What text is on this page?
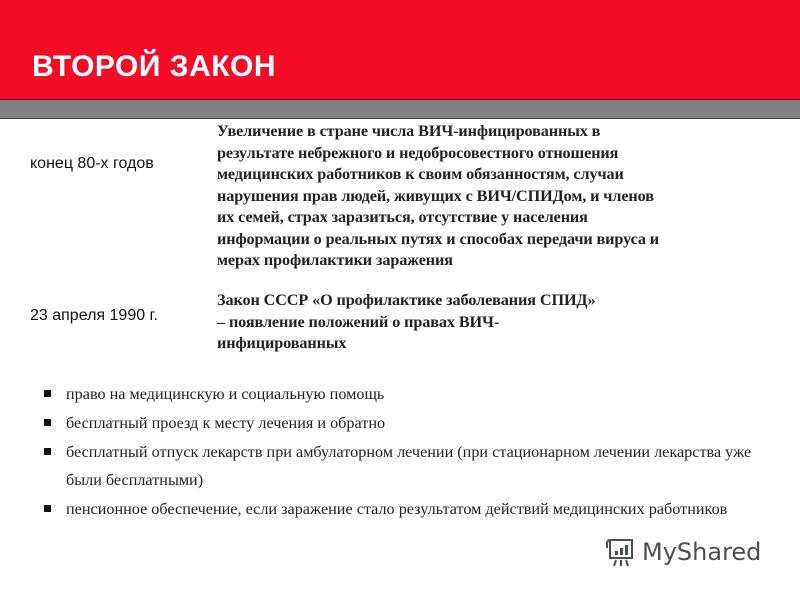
ВТОРОЙ ЗАКОН
конец 80-х годов
Увеличение в стране числа ВИЧ-инфицированных в
результате небрежного и недобросовестного отношения
медицинских работников к своим обязанностям, случаи
нарушения прав людей, живущих с ВИЧ/СПИДом, и членов
их семей, страх заразиться, отсутствие у населения
информации о реальных путях и способах передачи вируса и
мерах профилактики заражения
23 апреля 1990 г.
Закон СССР «О профилактике заболевания СПИД»
– появление положений о правах ВИЧ-
инфицированных
право на медицинскую и социальную помощь
бесплатный проезд к месту лечения и обратно
бесплатный отпуск лекарств при амбулаторном лечении (при стационарном лечении лекарства уже были бесплатными)
пенсионное обеспечение, если заражение стало результатом действий медицинских работников
MyShared
